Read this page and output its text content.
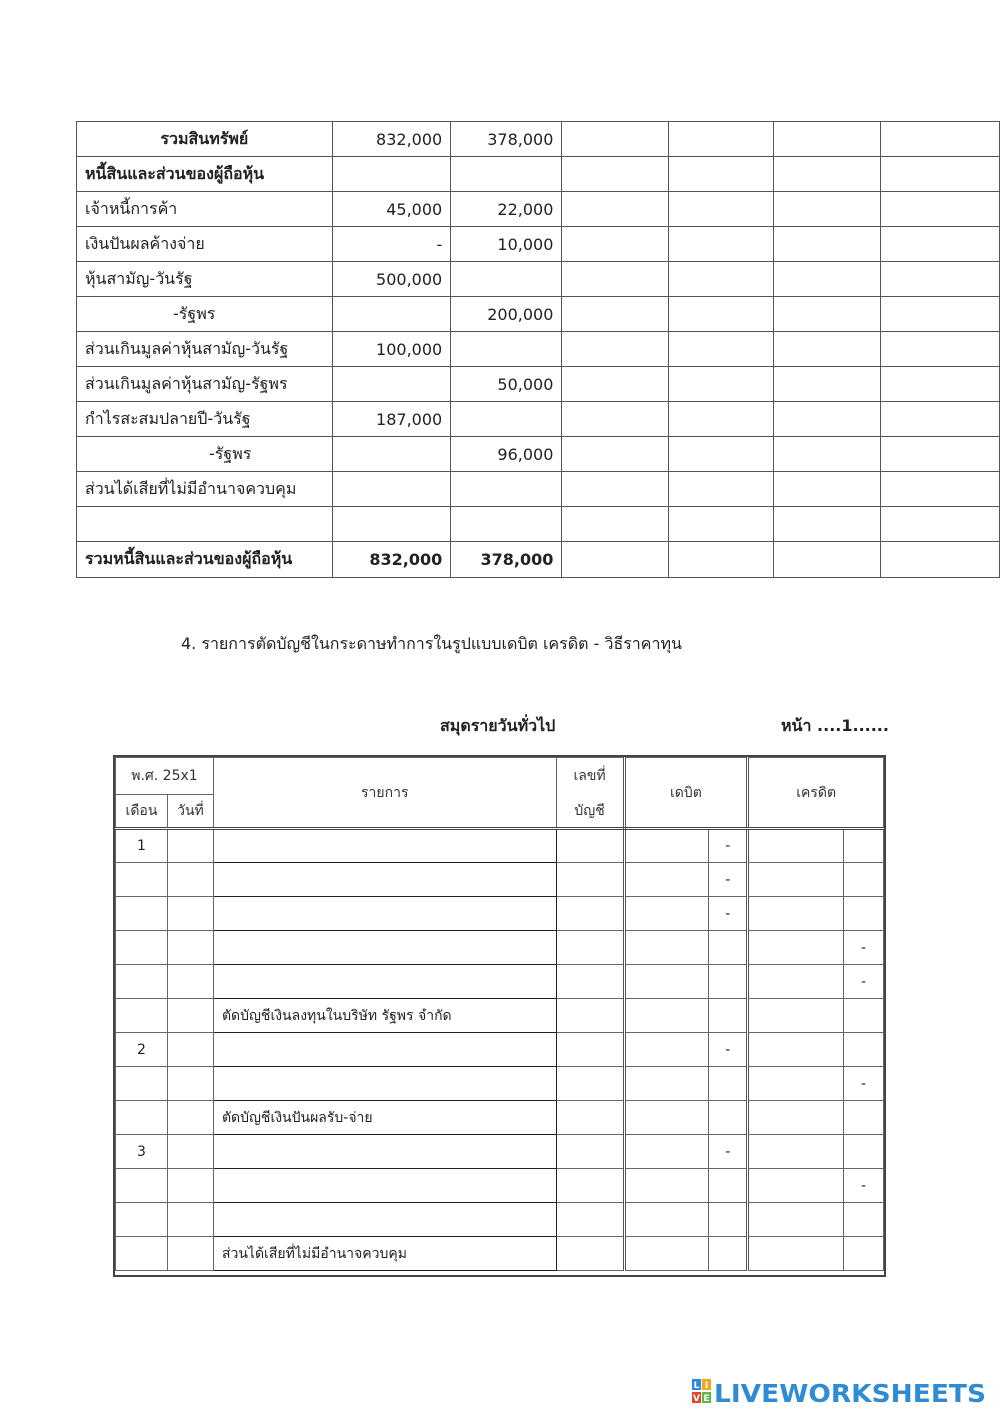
รวมสินทรัพย์	832,000	378,000				
หนี้สินและส่วนของผู้ถือหุ้น						
เจ้าหนี้การค้า	45,000	22,000				
เงินปันผลค้างจ่าย	-	10,000				
หุ้นสามัญ-วันรัฐ	500,000					
-รัฐพร		200,000				
ส่วนเกินมูลค่าหุ้นสามัญ-วันรัฐ	100,000					
ส่วนเกินมูลค่าหุ้นสามัญ-รัฐพร		50,000				
กำไรสะสมปลายปี-วันรัฐ	187,000					
-รัฐพร		96,000				
ส่วนได้เสียที่ไม่มีอำนาจควบคุม						

รวมหนี้สินและส่วนของผู้ถือหุ้น	832,000	378,000				
4. รายการตัดบัญชีในกระดาษทำการในรูปแบบเดบิต เครดิต - วิธีราคาทุน
สมุดรายวันทั่วไป	หน้า ....1......
พ.ศ. 25x1		รายการ	เลขที่	เดบิต		เครดิต	
เดือน	วันที่		บัญชี				
1					-		
					-		
					-		
							-
							-
		ตัดบัญชีเงินลงทุนในบริษัท รัฐพร จำกัด					
2					-		
							-
		ตัดบัญชีเงินปันผลรับ-จ่าย					
3					-		
							-

		ส่วนได้เสียที่ไม่มีอำนาจควบคุม					
L I
V E LIVEWORKSHEETS
